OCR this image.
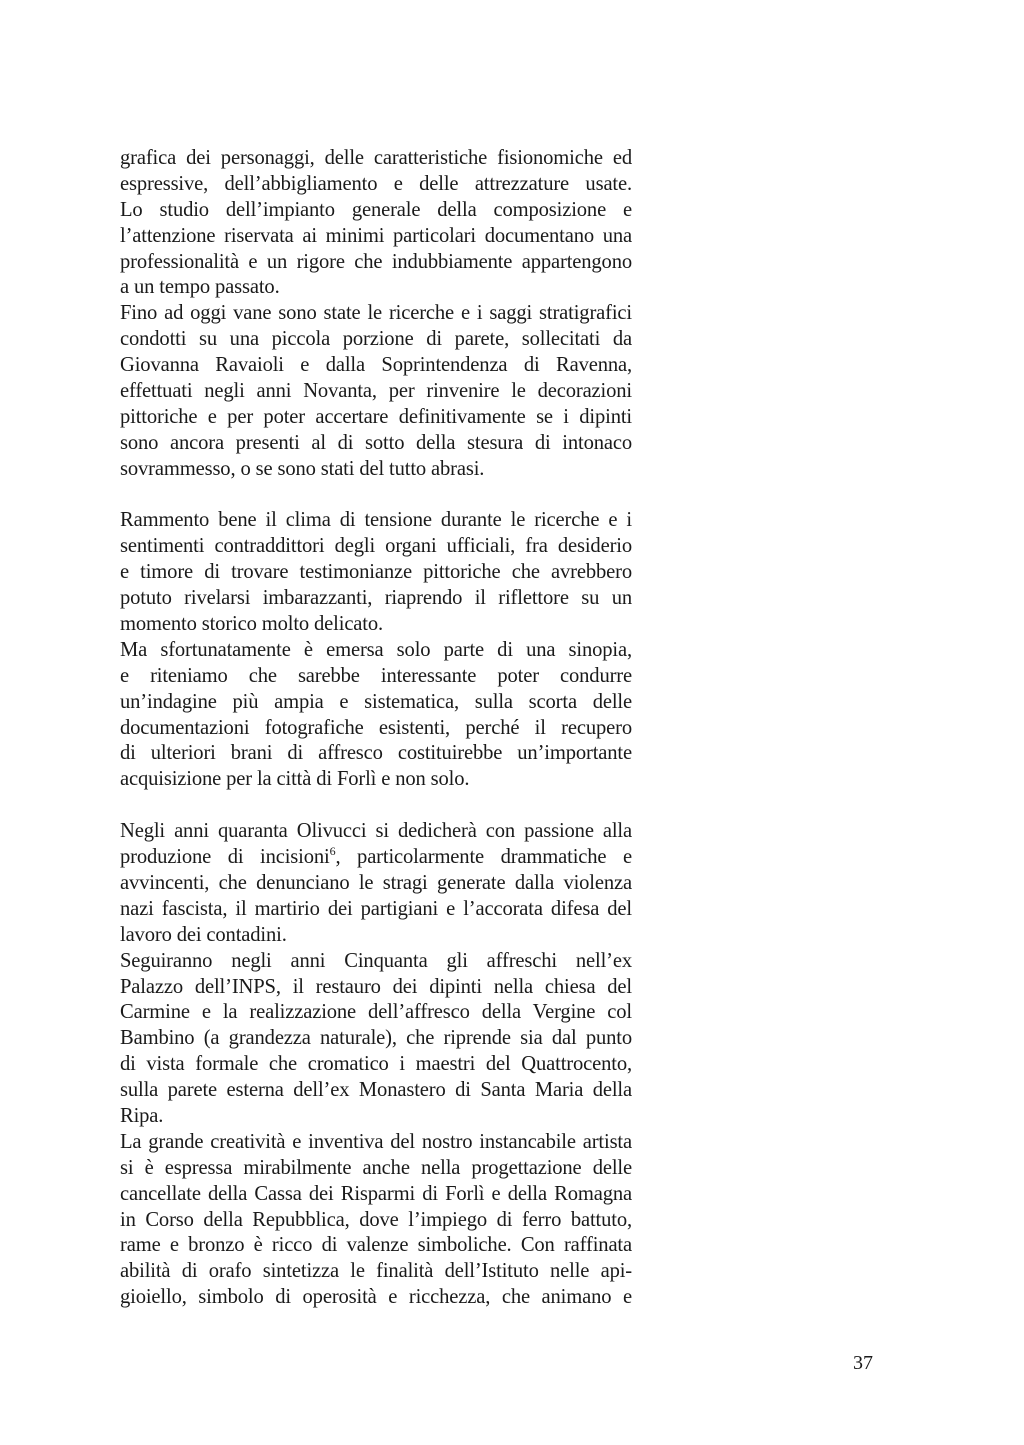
grafica dei personaggi, delle caratteristiche fisionomiche ed
espressive, dell’abbigliamento e delle attrezzature usate.
Lo studio dell’impianto generale della composizione e
l’attenzione riservata ai minimi particolari documentano una
professionalità e un rigore che indubbiamente appartengono
a un tempo passato.
Fino ad oggi vane sono state le ricerche e i saggi stratigrafici
condotti su una piccola porzione di parete, sollecitati da
Giovanna Ravaioli e dalla Soprintendenza di Ravenna,
effettuati negli anni Novanta, per rinvenire le decorazioni
pittoriche e per poter accertare definitivamente se i dipinti
sono ancora presenti al di sotto della stesura di intonaco
sovrammesso, o se sono stati del tutto abrasi.
Rammento bene il clima di tensione durante le ricerche e i
sentimenti contraddittori degli organi ufficiali, fra desiderio
e timore di trovare testimonianze pittoriche che avrebbero
potuto rivelarsi imbarazzanti, riaprendo il riflettore su un
momento storico molto delicato.
Ma sfortunatamente è emersa solo parte di una sinopia,
e riteniamo che sarebbe interessante poter condurre
un’indagine più ampia e sistematica, sulla scorta delle
documentazioni fotografiche esistenti, perché il recupero
di ulteriori brani di affresco costituirebbe un’importante
acquisizione per la città di Forlì e non solo.
Negli anni quaranta Olivucci si dedicherà con passione alla
produzione di incisioni$^6$, particolarmente drammatiche e
avvincenti, che denunciano le stragi generate dalla violenza
nazi fascista, il martirio dei partigiani e l’accorata difesa del
lavoro dei contadini.
Seguiranno negli anni Cinquanta gli affreschi nell’ex
Palazzo dell’INPS, il restauro dei dipinti nella chiesa del
Carmine e la realizzazione dell’affresco della Vergine col
Bambino (a grandezza naturale), che riprende sia dal punto
di vista formale che cromatico i maestri del Quattrocento,
sulla parete esterna dell’ex Monastero di Santa Maria della
Ripa.
La grande creatività e inventiva del nostro instancabile artista
si è espressa mirabilmente anche nella progettazione delle
cancellate della Cassa dei Risparmi di Forlì e della Romagna
in Corso della Repubblica, dove l’impiego di ferro battuto,
rame e bronzo è ricco di valenze simboliche. Con raffinata
abilità di orafo sintetizza le finalità dell’Istituto nelle api-
gioiello, simbolo di operosità e ricchezza, che animano e
37
